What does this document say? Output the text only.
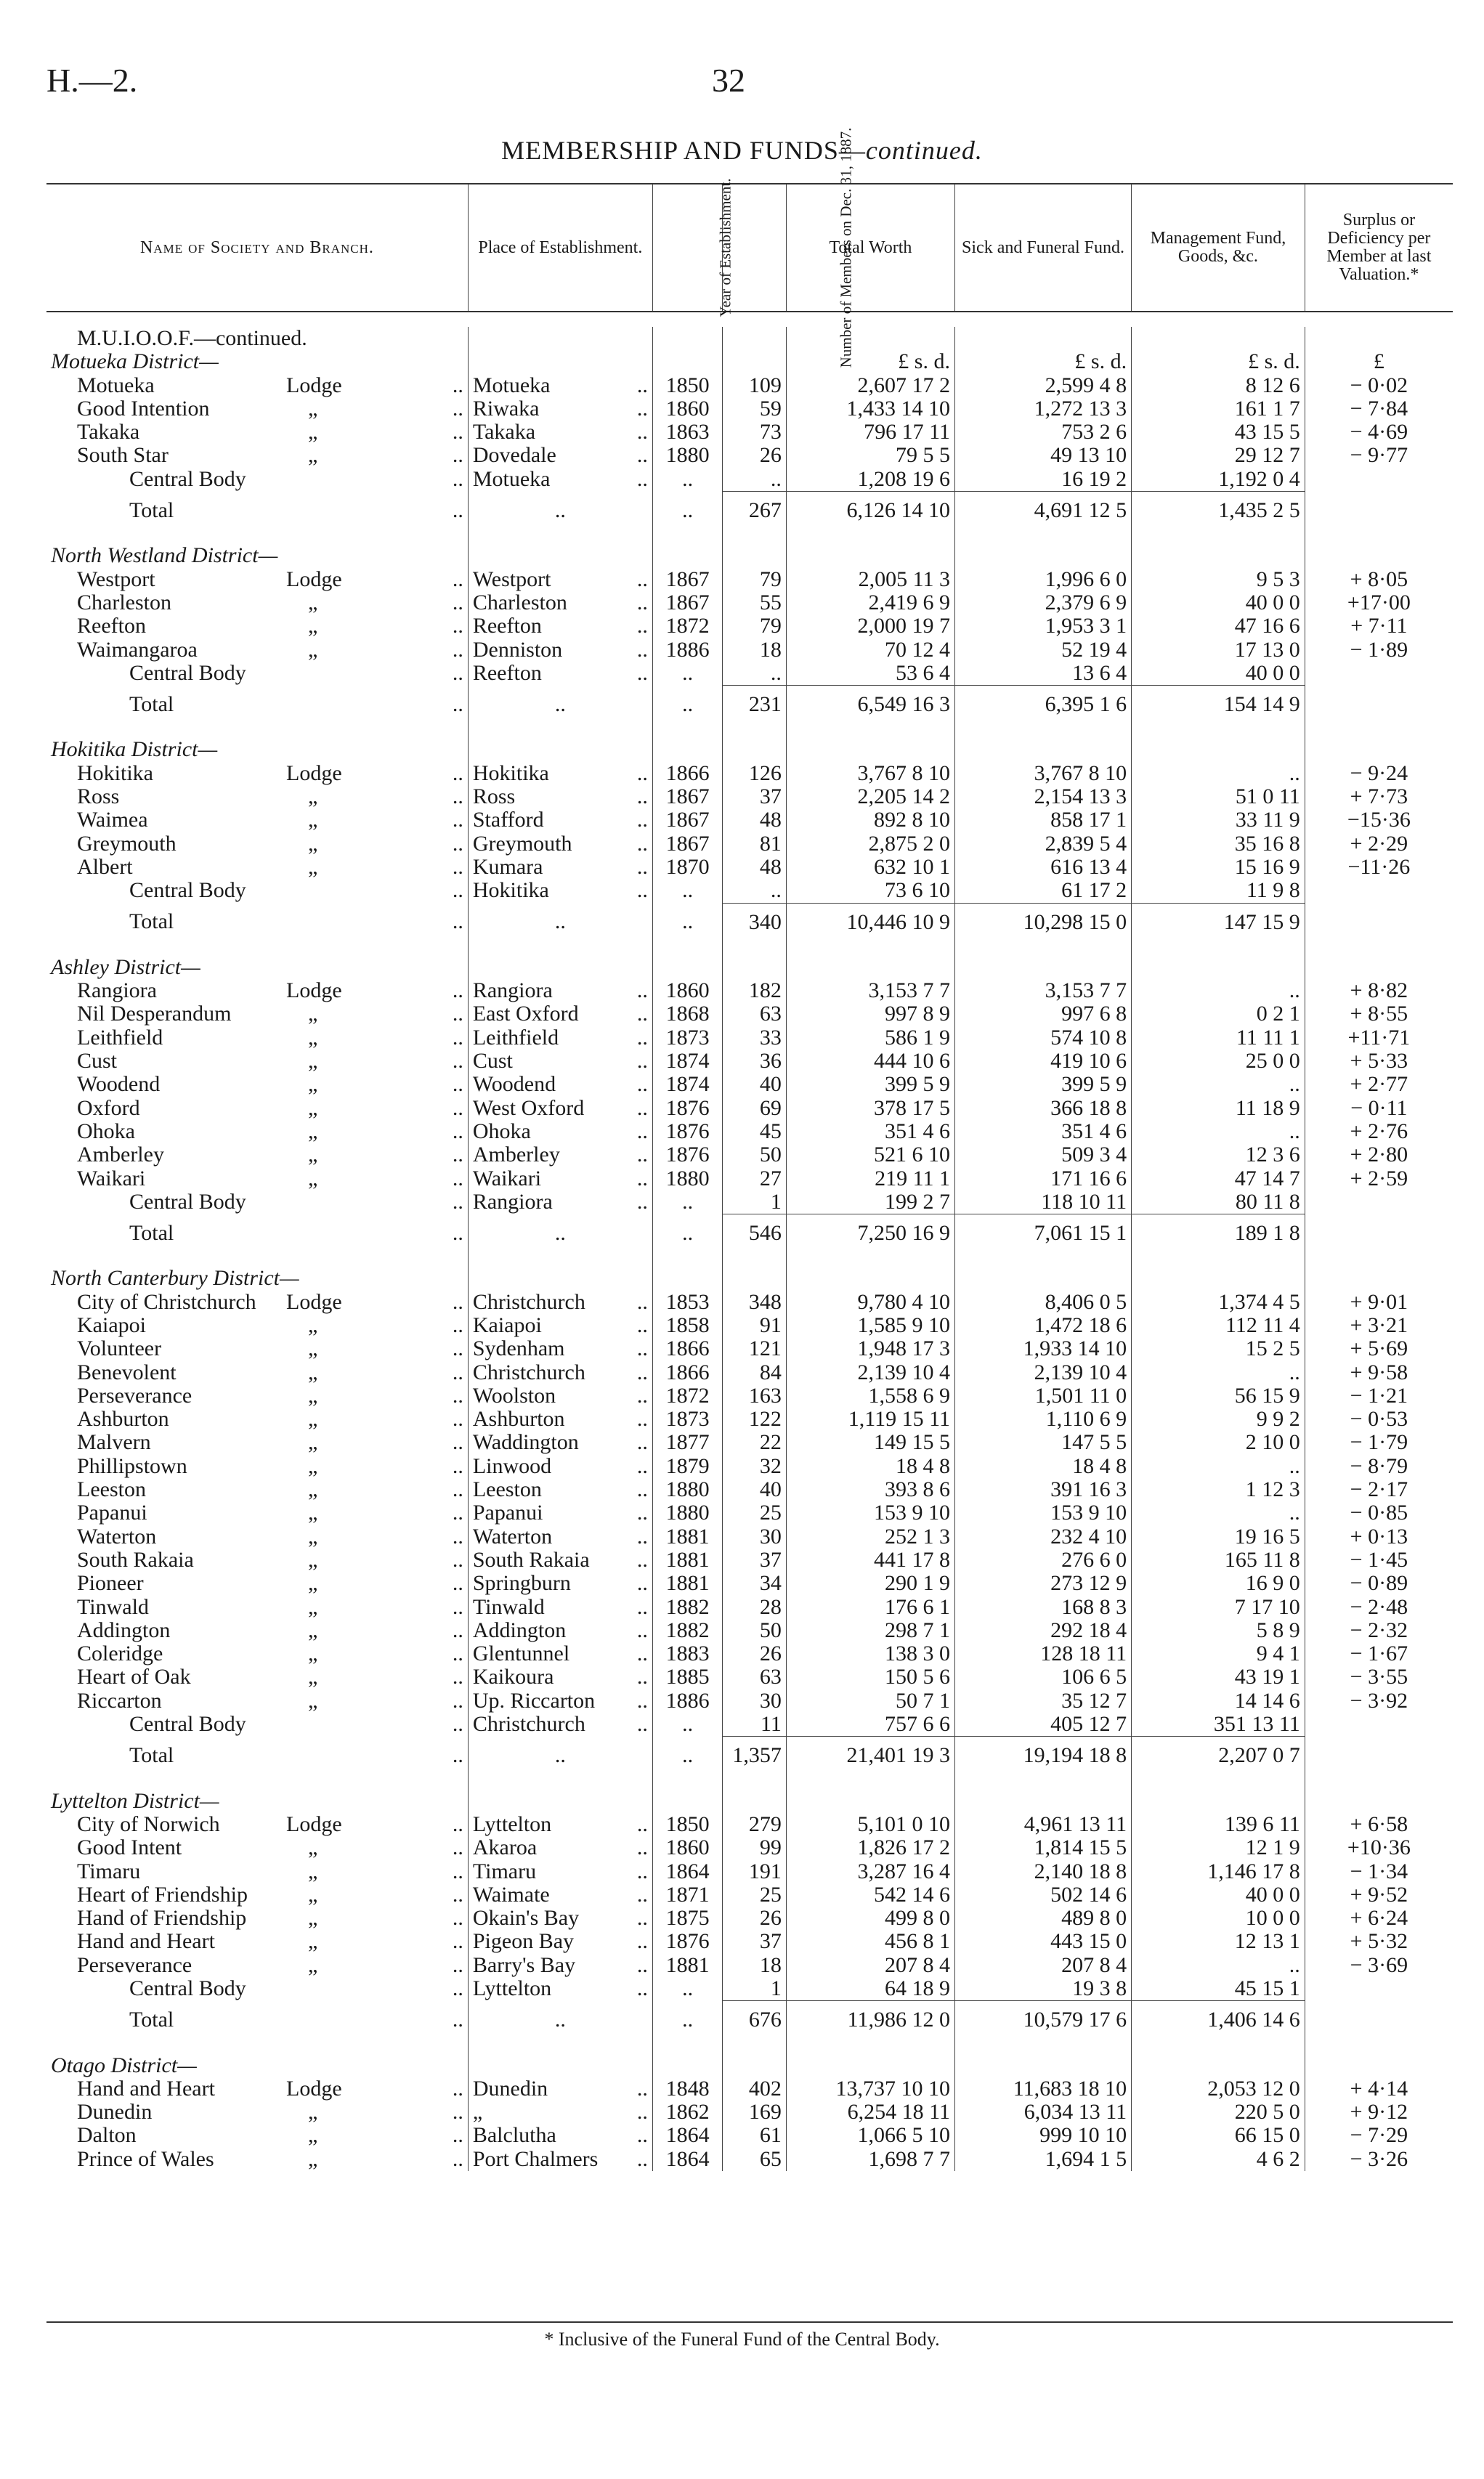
H.—2.	32
MEMBERSHIP AND FUNDS—continued.
Name of Society and Branch.	Place of Establishment.	Year of Establishment.	Number of Members on Dec. 31, 1887.	Total Worth	Sick and Funeral Fund.	Management Fund, Goods, &c.	Surplus or Deficiency per Member at last Valuation.*

M.U.I.O.O.F.—continued.							
Motueka District—				£ s. d.	£ s. d.	£ s. d.	£
Motueka Lodge ..	Motueka ..	1850	109	2,607 17 2	2,599 4 8	8 12 6	− 0·02
Good Intention „ ..	Riwaka ..	1860	59	1,433 14 10	1,272 13 3	161 1 7	− 7·84
Takaka „ ..	Takaka ..	1863	73	796 17 11	753 2 6	43 15 5	− 4·69
South Star „ ..	Dovedale ..	1880	26	79 5 5	49 13 10	29 12 7	− 9·77
Central Body ..	Motueka ..	..	..	1,208 19 6	16 19 2	1,192 0 4	
Total ..	..	..	267	6,126 14 10	4,691 12 5	1,435 2 5	

North Westland District—							
Westport Lodge ..	Westport ..	1867	79	2,005 11 3	1,996 6 0	9 5 3	+ 8·05
Charleston „ ..	Charleston ..	1867	55	2,419 6 9	2,379 6 9	40 0 0	+17·00
Reefton „ ..	Reefton ..	1872	79	2,000 19 7	1,953 3 1	47 16 6	+ 7·11
Waimangaroa „ ..	Denniston ..	1886	18	70 12 4	52 19 4	17 13 0	− 1·89
Central Body ..	Reefton ..	..	..	53 6 4	13 6 4	40 0 0	
Total ..	..	..	231	6,549 16 3	6,395 1 6	154 14 9	

Hokitika District—							
Hokitika Lodge ..	Hokitika ..	1866	126	3,767 8 10	3,767 8 10	..	− 9·24
Ross „ ..	Ross ..	1867	37	2,205 14 2	2,154 13 3	51 0 11	+ 7·73
Waimea „ ..	Stafford ..	1867	48	892 8 10	858 17 1	33 11 9	−15·36
Greymouth „ ..	Greymouth ..	1867	81	2,875 2 0	2,839 5 4	35 16 8	+ 2·29
Albert „ ..	Kumara ..	1870	48	632 10 1	616 13 4	15 16 9	−11·26
Central Body ..	Hokitika ..	..	..	73 6 10	61 17 2	11 9 8	
Total ..	..	..	340	10,446 10 9	10,298 15 0	147 15 9	

Ashley District—							
Rangiora Lodge ..	Rangiora ..	1860	182	3,153 7 7	3,153 7 7	..	+ 8·82
Nil Desperandum „ ..	East Oxford ..	1868	63	997 8 9	997 6 8	0 2 1	+ 8·55
Leithfield „ ..	Leithfield ..	1873	33	586 1 9	574 10 8	11 11 1	+11·71
Cust „ ..	Cust ..	1874	36	444 10 6	419 10 6	25 0 0	+ 5·33
Woodend „ ..	Woodend ..	1874	40	399 5 9	399 5 9	..	+ 2·77
Oxford „ ..	West Oxford ..	1876	69	378 17 5	366 18 8	11 18 9	− 0·11
Ohoka „ ..	Ohoka ..	1876	45	351 4 6	351 4 6	..	+ 2·76
Amberley „ ..	Amberley ..	1876	50	521 6 10	509 3 4	12 3 6	+ 2·80
Waikari „ ..	Waikari ..	1880	27	219 11 1	171 16 6	47 14 7	+ 2·59
Central Body ..	Rangiora ..	..	1	199 2 7	118 10 11	80 11 8	
Total ..	..	..	546	7,250 16 9	7,061 15 1	189 1 8	

North Canterbury District—							
City of Christchurch Lodge ..	Christchurch ..	1853	348	9,780 4 10	8,406 0 5	1,374 4 5	+ 9·01
Kaiapoi „ ..	Kaiapoi ..	1858	91	1,585 9 10	1,472 18 6	112 11 4	+ 3·21
Volunteer „ ..	Sydenham ..	1866	121	1,948 17 3	1,933 14 10	15 2 5	+ 5·69
Benevolent „ ..	Christchurch ..	1866	84	2,139 10 4	2,139 10 4	..	+ 9·58
Perseverance „ ..	Woolston ..	1872	163	1,558 6 9	1,501 11 0	56 15 9	− 1·21
Ashburton „ ..	Ashburton ..	1873	122	1,119 15 11	1,110 6 9	9 9 2	− 0·53
Malvern „ ..	Waddington ..	1877	22	149 15 5	147 5 5	2 10 0	− 1·79
Phillipstown „ ..	Linwood ..	1879	32	18 4 8	18 4 8	..	− 8·79
Leeston „ ..	Leeston ..	1880	40	393 8 6	391 16 3	1 12 3	− 2·17
Papanui „ ..	Papanui ..	1880	25	153 9 10	153 9 10	..	− 0·85
Waterton „ ..	Waterton ..	1881	30	252 1 3	232 4 10	19 16 5	+ 0·13
South Rakaia „ ..	South Rakaia ..	1881	37	441 17 8	276 6 0	165 11 8	− 1·45
Pioneer „ ..	Springburn ..	1881	34	290 1 9	273 12 9	16 9 0	− 0·89
Tinwald „ ..	Tinwald ..	1882	28	176 6 1	168 8 3	7 17 10	− 2·48
Addington „ ..	Addington ..	1882	50	298 7 1	292 18 4	5 8 9	− 2·32
Coleridge „ ..	Glentunnel ..	1883	26	138 3 0	128 18 11	9 4 1	− 1·67
Heart of Oak „ ..	Kaikoura ..	1885	63	150 5 6	106 6 5	43 19 1	− 3·55
Riccarton „ ..	Up. Riccarton ..	1886	30	50 7 1	35 12 7	14 14 6	− 3·92
Central Body ..	Christchurch ..	..	11	757 6 6	405 12 7	351 13 11	
Total ..	..	..	1,357	21,401 19 3	19,194 18 8	2,207 0 7	

Lyttelton District—							
City of Norwich Lodge ..	Lyttelton ..	1850	279	5,101 0 10	4,961 13 11	139 6 11	+ 6·58
Good Intent „ ..	Akaroa ..	1860	99	1,826 17 2	1,814 15 5	12 1 9	+10·36
Timaru „ ..	Timaru ..	1864	191	3,287 16 4	2,140 18 8	1,146 17 8	− 1·34
Heart of Friendship „ ..	Waimate ..	1871	25	542 14 6	502 14 6	40 0 0	+ 9·52
Hand of Friendship „ ..	Okain's Bay ..	1875	26	499 8 0	489 8 0	10 0 0	+ 6·24
Hand and Heart „ ..	Pigeon Bay ..	1876	37	456 8 1	443 15 0	12 13 1	+ 5·32
Perseverance „ ..	Barry's Bay ..	1881	18	207 8 4	207 8 4	..	− 3·69
Central Body ..	Lyttelton ..	..	1	64 18 9	19 3 8	45 15 1	
Total ..	..	..	676	11,986 12 0	10,579 17 6	1,406 14 6	

Otago District—							
Hand and Heart Lodge ..	Dunedin ..	1848	402	13,737 10 10	11,683 18 10	2,053 12 0	+ 4·14
Dunedin „ ..	„ ..	1862	169	6,254 18 11	6,034 13 11	220 5 0	+ 9·12
Dalton „ ..	Balclutha ..	1864	61	1,066 5 10	999 10 10	66 15 0	− 7·29
Prince of Wales „ ..	Port Chalmers ..	1864	65	1,698 7 7	1,694 1 5	4 6 2	− 3·26
* Inclusive of the Funeral Fund of the Central Body.
